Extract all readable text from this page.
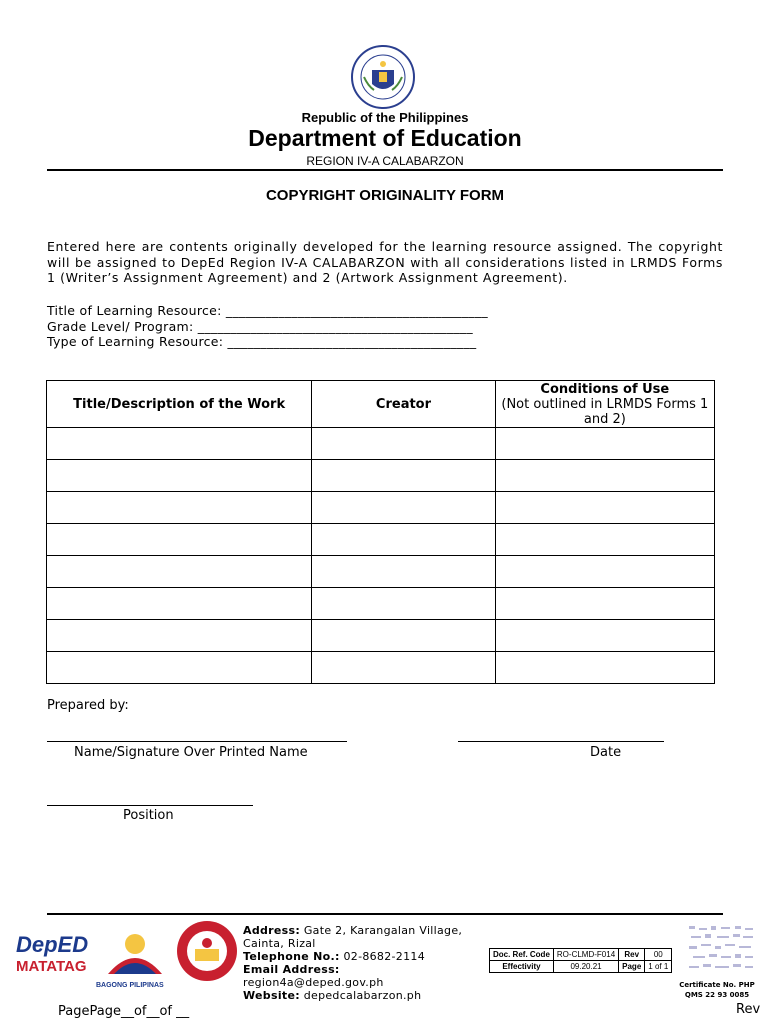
Republic of the Philippines
Department of Education
REGION IV-A CALABARZON
COPYRIGHT ORIGINALITY FORM
Entered here are contents originally developed for the learning resource assigned. The copyright will be assigned to DepEd Region IV-A CALABARZON with all considerations listed in LRMDS Forms 1 (Writer’s Assignment Agreement) and 2 (Artwork Assignment Agreement).
Title of Learning Resource: ________________________________________
Grade Level/ Program: __________________________________________
Type of Learning Resource: ______________________________________
Title/Description of the Work	Creator	Conditions of Use
(Not outlined in LRMDS Forms 1 and 2)

Prepared by:
Name/Signature Over Printed Name	Date
Position
DepED
MATATAG
BAGONG PILIPINAS
Address: Gate 2, Karangalan Village,
Cainta, Rizal
Telephone No.: 02-8682-2114
Email Address:
region4a@deped.gov.ph
Website: depedcalabarzon.ph
Doc. Ref. Code	RO-CLMD-F014	Rev	00
Effectivity	09.20.21	Page	1 of 1
Certificate No. PHP QMS 22 93 0085
Rev
PagePage__of__of __
